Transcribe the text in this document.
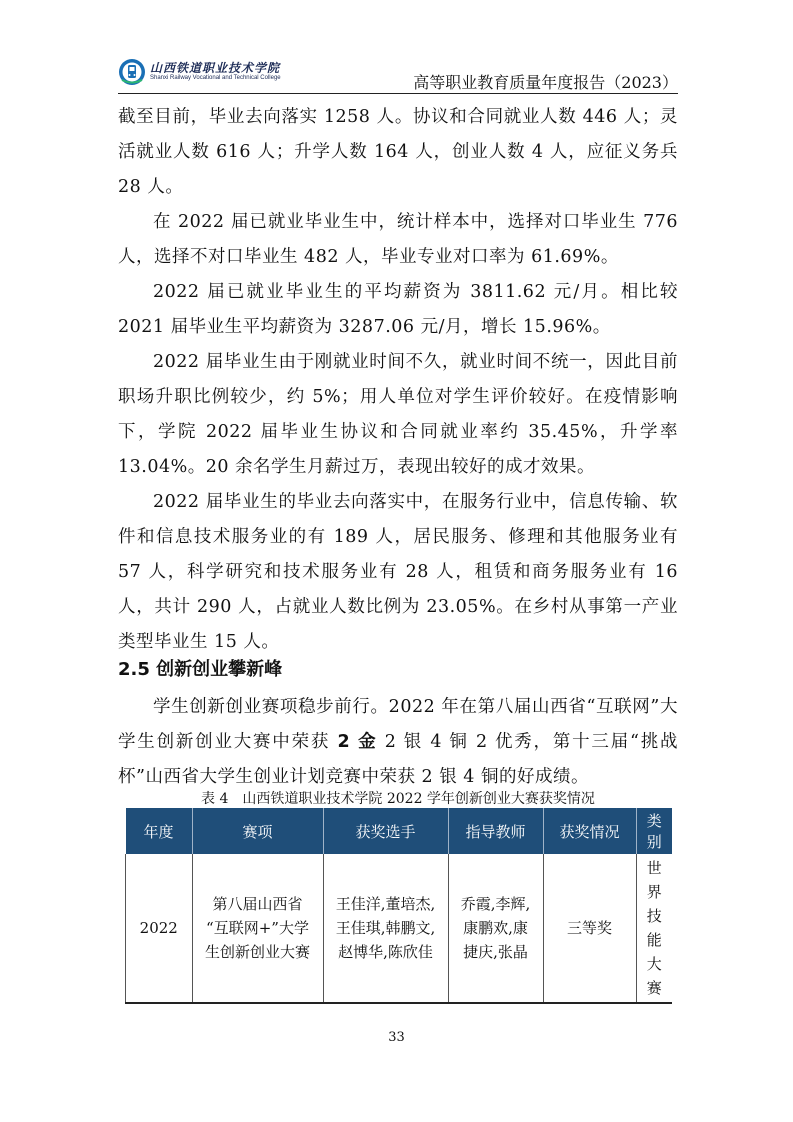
山西铁道职业技术学院
Shanxi Railway Vocational and Technical College	高等职业教育质量年度报告（2023）

截至目前，毕业去向落实 1258 人。协议和合同就业人数 446 人；灵活就业人数 616 人；升学人数 164 人，创业人数 4 人，应征义务兵 28 人。

在 2022 届已就业毕业生中，统计样本中，选择对口毕业生 776 人，选择不对口毕业生 482 人，毕业专业对口率为 61.69%。

2022 届已就业毕业生的平均薪资为 3811.62 元/月。相比较 2021 届毕业生平均薪资为 3287.06 元/月，增长 15.96%。

2022 届毕业生由于刚就业时间不久，就业时间不统一，因此目前职场升职比例较少，约 5%；用人单位对学生评价较好。在疫情影响下，学院 2022 届毕业生协议和合同就业率约 35.45%，升学率 13.04%。20 余名学生月薪过万，表现出较好的成才效果。

2022 届毕业生的毕业去向落实中，在服务行业中，信息传输、软件和信息技术服务业的有 189 人，居民服务、修理和其他服务业有 57 人，科学研究和技术服务业有 28 人，租赁和商务服务业有 16 人，共计 290 人，占就业人数比例为 23.05%。在乡村从事第一产业类型毕业生 15 人。

2.5 创新创业攀新峰

学生创新创业赛项稳步前行。2022 年在第八届山西省“互联网”大学生创新创业大赛中荣获 2 金 2 银 4 铜 2 优秀，第十三届“挑战杯”山西省大学生创业计划竞赛中荣获 2 银 4 铜的好成绩。

表 4　山西铁道职业技术学院 2022 学年创新创业大赛获奖情况
年度	赛项	获奖选手	指导教师	获奖情况	类别
2022	第八届山西省
“互联网+”大学
生创新创业大赛	王佳洋,董培杰,
王佳琪,韩鹏文,
赵博华,陈欣佳	乔霞,李辉,
康鹏欢,康
捷庆,张晶	三等奖	世界
技能
大赛
33
